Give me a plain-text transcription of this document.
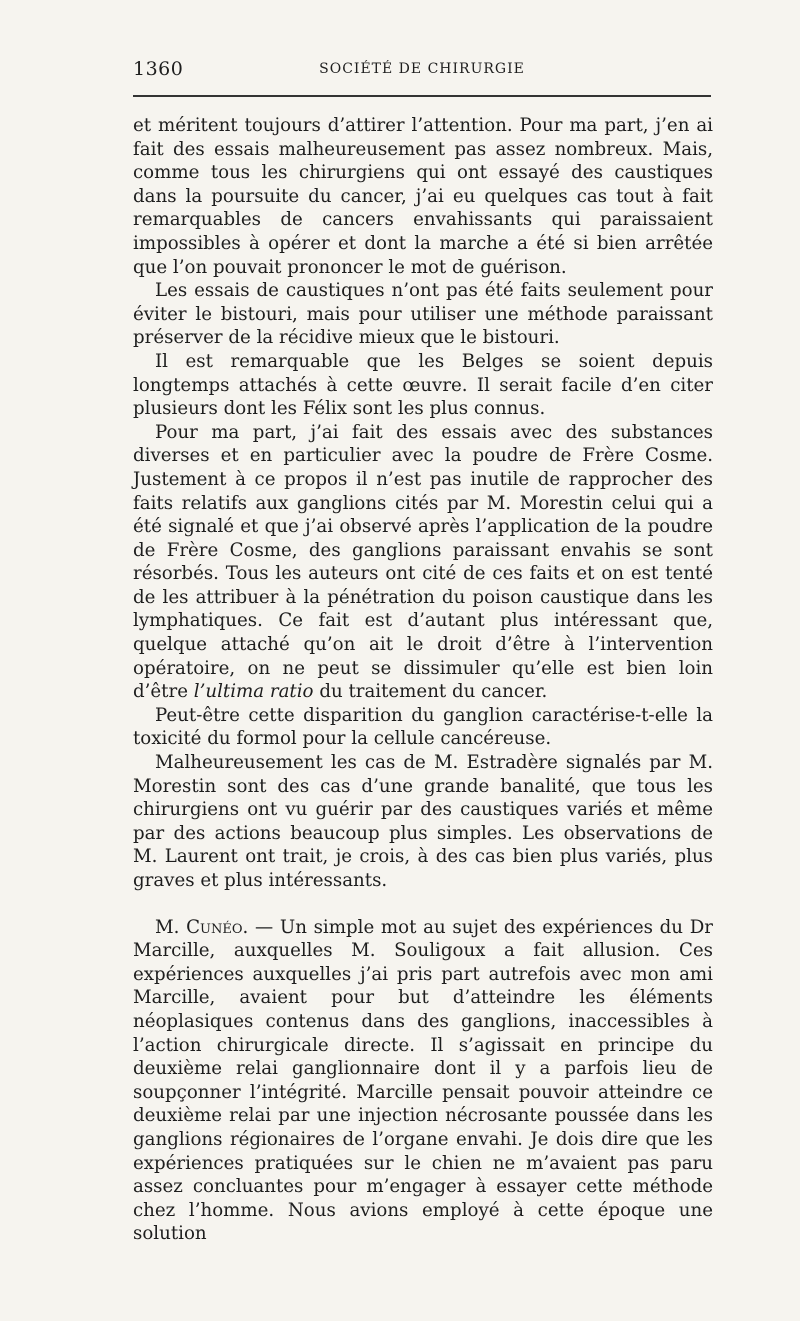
1360	SOCIÉTÉ DE CHIRURGIE

et méritent toujours d’attirer l’attention. Pour ma part, j’en ai fait des essais malheureusement pas assez nombreux. Mais, comme tous les chirurgiens qui ont essayé des caustiques dans la poursuite du cancer, j’ai eu quelques cas tout à fait remarquables de cancers envahissants qui paraissaient impossibles à opérer et dont la marche a été si bien arrêtée que l’on pouvait prononcer le mot de guérison.

Les essais de caustiques n’ont pas été faits seulement pour éviter le bistouri, mais pour utiliser une méthode paraissant préserver de la récidive mieux que le bistouri.

Il est remarquable que les Belges se soient depuis longtemps attachés à cette œuvre. Il serait facile d’en citer plusieurs dont les Félix sont les plus connus.

Pour ma part, j’ai fait des essais avec des substances diverses et en particulier avec la poudre de Frère Cosme. Justement à ce propos il n’est pas inutile de rapprocher des faits relatifs aux ganglions cités par M. Morestin celui qui a été signalé et que j’ai observé après l’application de la poudre de Frère Cosme, des ganglions paraissant envahis se sont résorbés. Tous les auteurs ont cité de ces faits et on est tenté de les attribuer à la pénétration du poison caustique dans les lymphatiques. Ce fait est d’autant plus intéressant que, quelque attaché qu’on ait le droit d’être à l’intervention opératoire, on ne peut se dissimuler qu’elle est bien loin d’être l’ultima ratio du traitement du cancer.

Peut-être cette disparition du ganglion caractérise-t-elle la toxicité du formol pour la cellule cancéreuse.

Malheureusement les cas de M. Estradère signalés par M. Morestin sont des cas d’une grande banalité, que tous les chirurgiens ont vu guérir par des caustiques variés et même par des actions beaucoup plus simples. Les observations de M. Laurent ont trait, je crois, à des cas bien plus variés, plus graves et plus intéressants.

M. Cunéo. — Un simple mot au sujet des expériences du Dr Marcille, auxquelles M. Souligoux a fait allusion. Ces expériences auxquelles j’ai pris part autrefois avec mon ami Marcille, avaient pour but d’atteindre les éléments néoplasiques contenus dans des ganglions, inaccessibles à l’action chirurgicale directe. Il s’agissait en principe du deuxième relai ganglionnaire dont il y a parfois lieu de soupçonner l’intégrité. Marcille pensait pouvoir atteindre ce deuxième relai par une injection nécrosante poussée dans les ganglions régionaires de l’organe envahi. Je dois dire que les expériences pratiquées sur le chien ne m’avaient pas paru assez concluantes pour m’engager à essayer cette méthode chez l’homme. Nous avions employé à cette époque une solution
